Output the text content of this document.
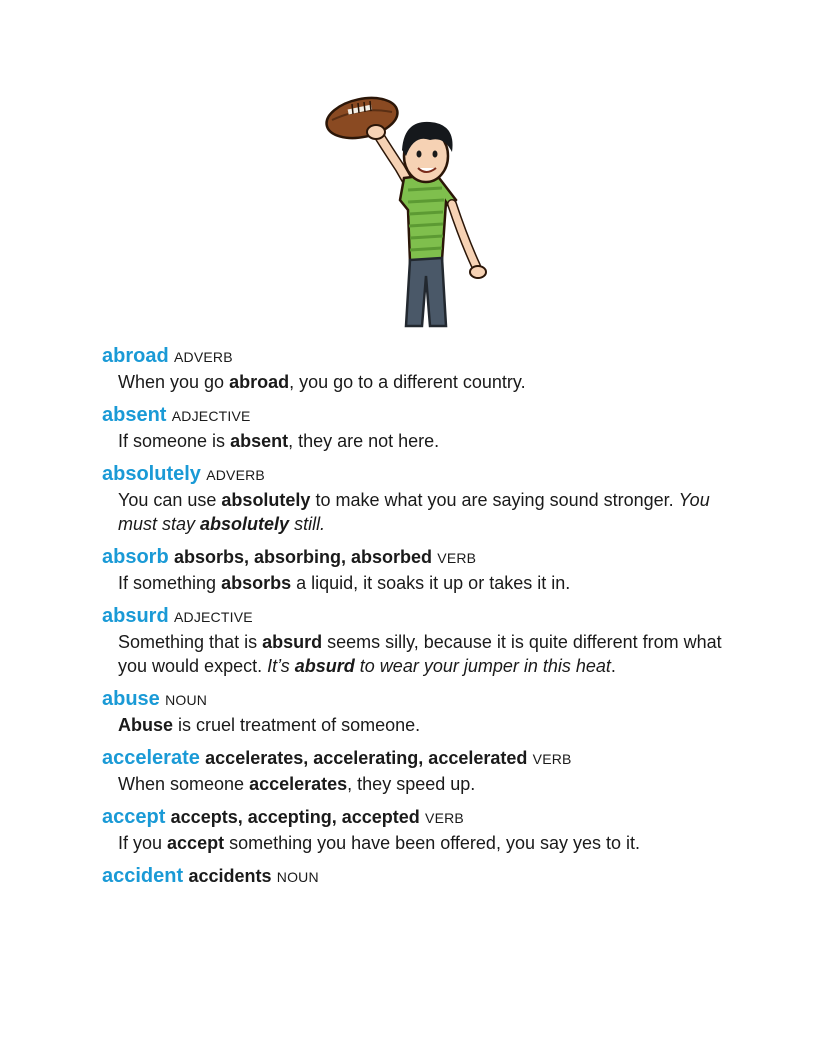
abroad ADVERB
When you go abroad, you go to a different country.
absent ADJECTIVE
If someone is absent, they are not here.
absolutely ADVERB
You can use absolutely to make what you are saying sound stronger. You must stay absolutely still.
absorb absorbs, absorbing, absorbed VERB
If something absorbs a liquid, it soaks it up or takes it in.
absurd ADJECTIVE
Something that is absurd seems silly, because it is quite different from what you would expect. It’s absurd to wear your jumper in this heat.
abuse NOUN
Abuse is cruel treatment of someone.
accelerate accelerates, accelerating, accelerated VERB
When someone accelerates, they speed up.
accept accepts, accepting, accepted VERB
If you accept something you have been offered, you say yes to it.
accident accidents NOUN
